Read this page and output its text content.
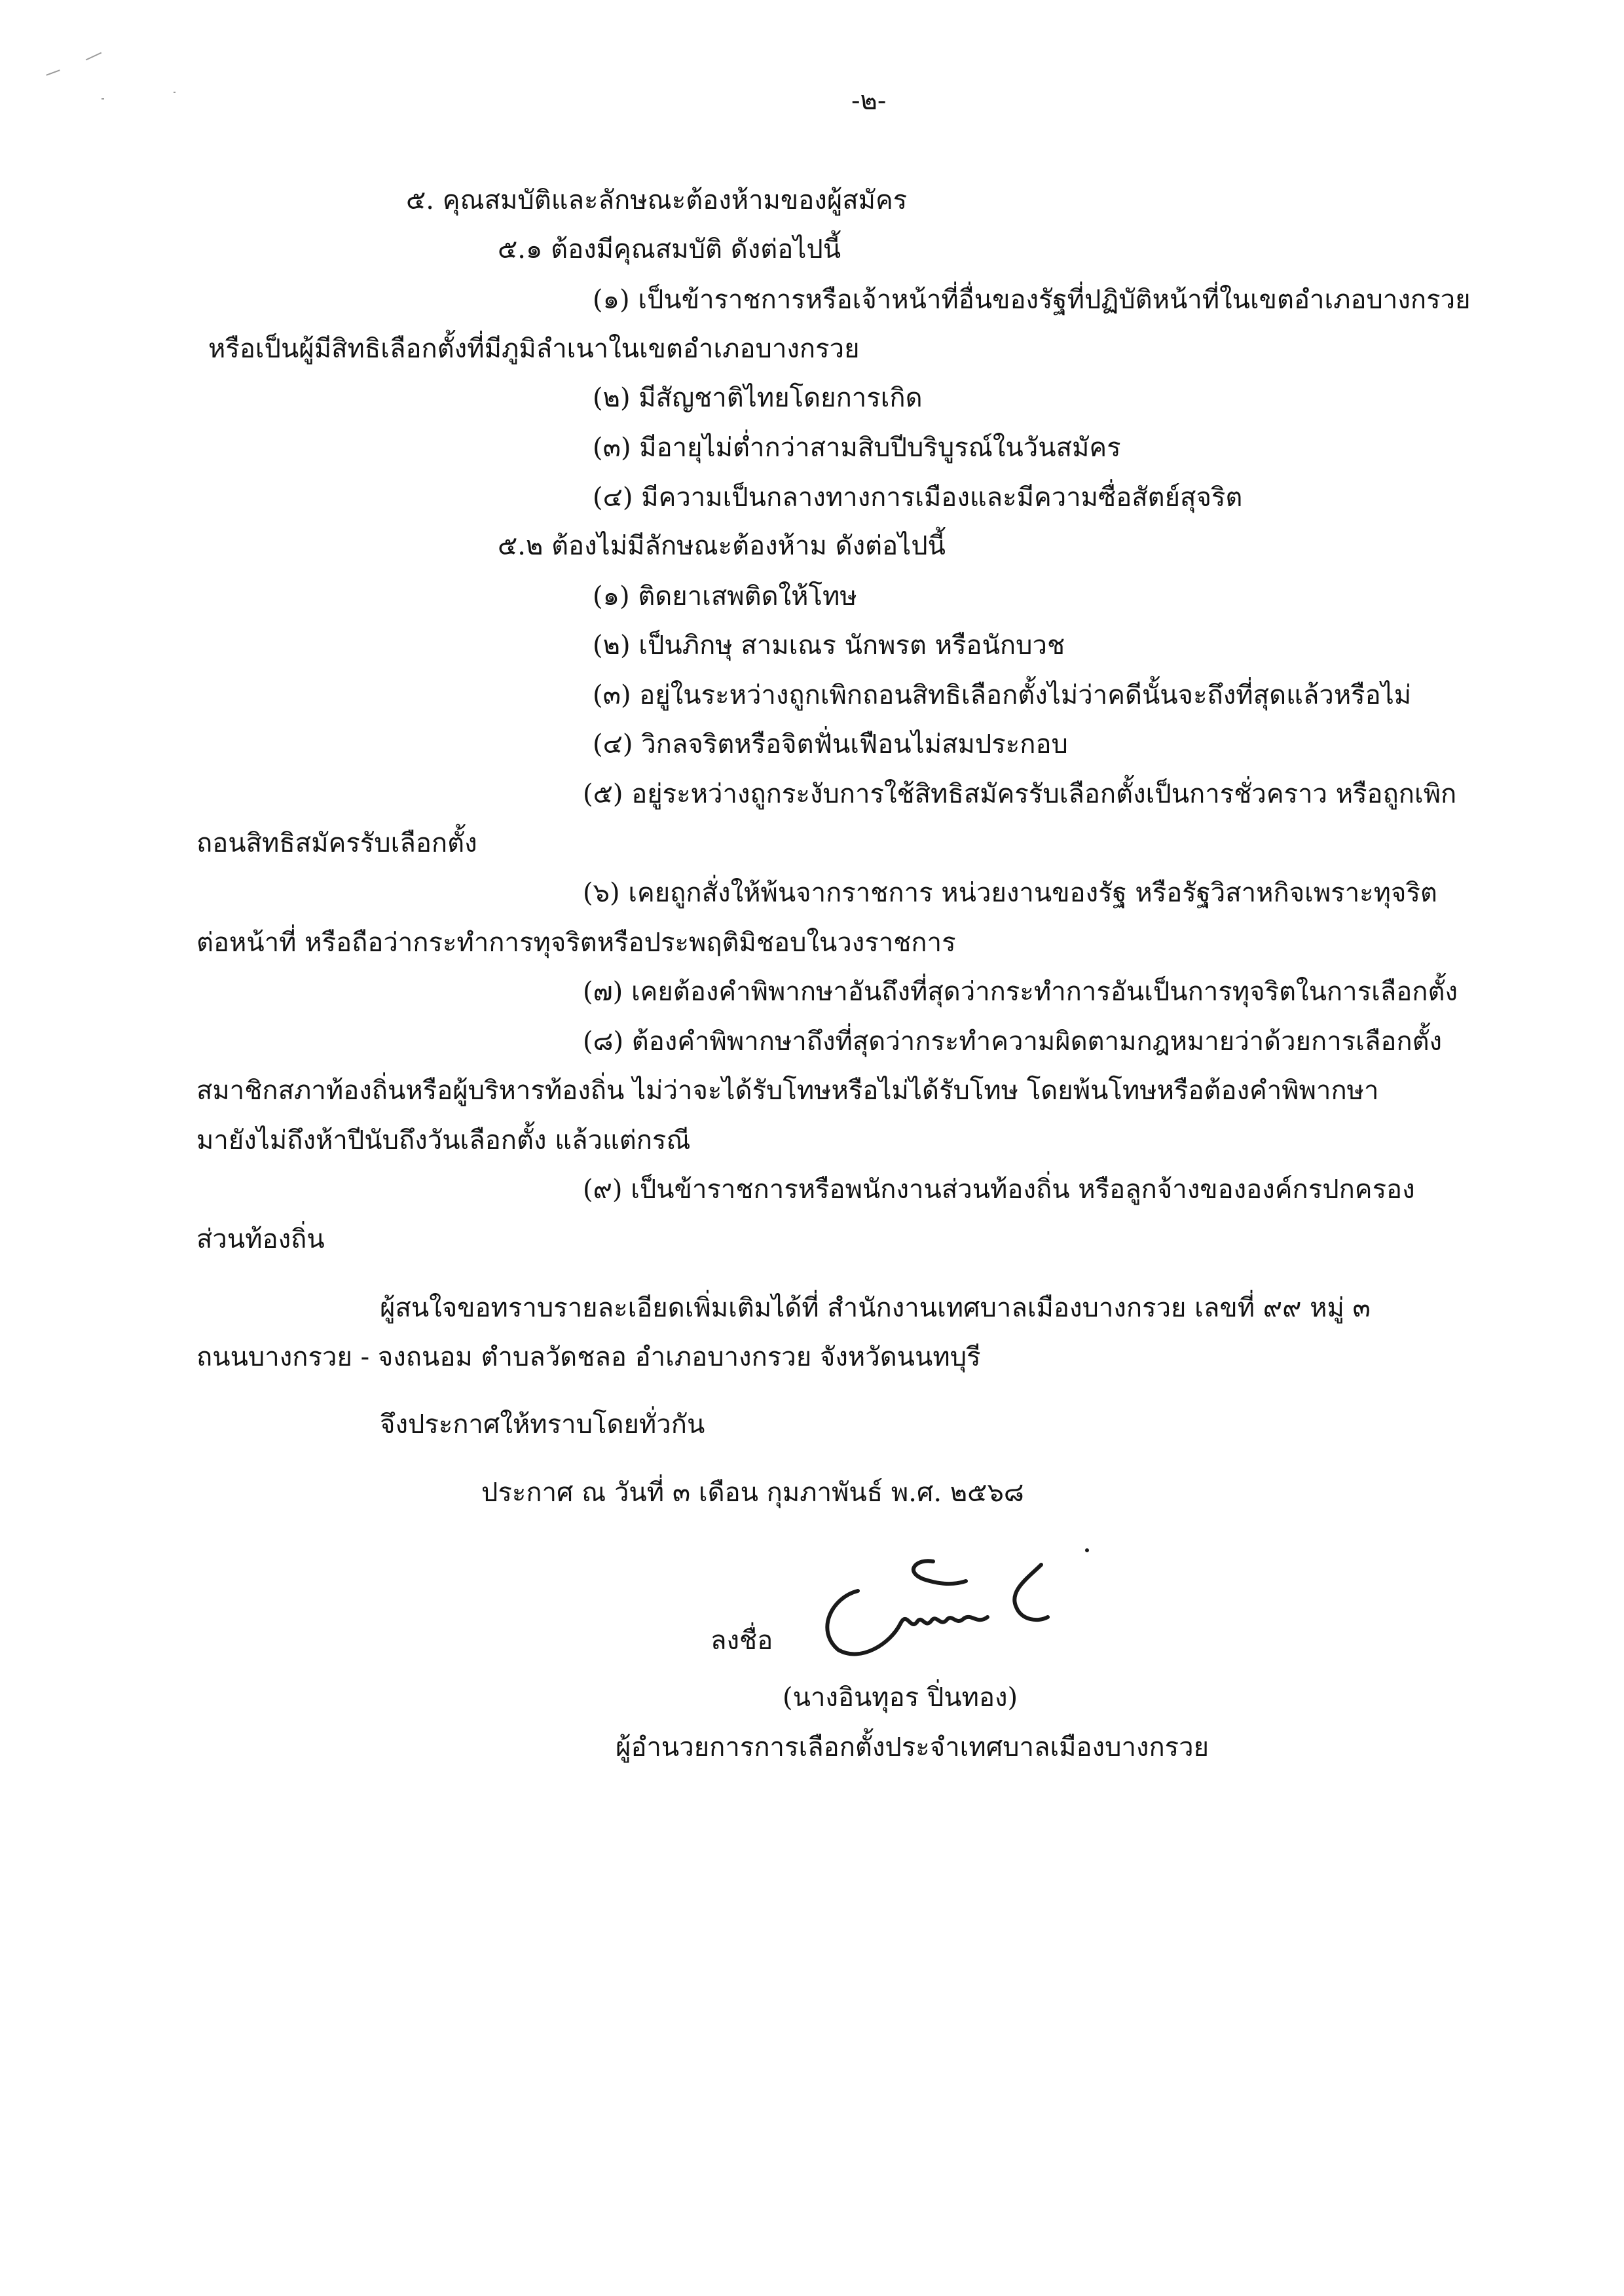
-๒-
๕. คุณสมบัติและลักษณะต้องห้ามของผู้สมัคร
๕.๑ ต้องมีคุณสมบัติ ดังต่อไปนี้
(๑) เป็นข้าราชการหรือเจ้าหน้าที่อื่นของรัฐที่ปฏิบัติหน้าที่ในเขตอำเภอบางกรวย
หรือเป็นผู้มีสิทธิเลือกตั้งที่มีภูมิลำเนาในเขตอำเภอบางกรวย
(๒) มีสัญชาติไทยโดยการเกิด
(๓) มีอายุไม่ต่ำกว่าสามสิบปีบริบูรณ์ในวันสมัคร
(๔) มีความเป็นกลางทางการเมืองและมีความซื่อสัตย์สุจริต
๕.๒ ต้องไม่มีลักษณะต้องห้าม ดังต่อไปนี้
(๑) ติดยาเสพติดให้โทษ
(๒) เป็นภิกษุ สามเณร นักพรต หรือนักบวช
(๓) อยู่ในระหว่างถูกเพิกถอนสิทธิเลือกตั้งไม่ว่าคดีนั้นจะถึงที่สุดแล้วหรือไม่
(๔) วิกลจริตหรือจิตฟั่นเฟือนไม่สมประกอบ
(๕) อยู่ระหว่างถูกระงับการใช้สิทธิสมัครรับเลือกตั้งเป็นการชั่วคราว หรือถูกเพิก
ถอนสิทธิสมัครรับเลือกตั้ง
(๖) เคยถูกสั่งให้พ้นจากราชการ หน่วยงานของรัฐ หรือรัฐวิสาหกิจเพราะทุจริต
ต่อหน้าที่ หรือถือว่ากระทำการทุจริตหรือประพฤติมิชอบในวงราชการ
(๗) เคยต้องคำพิพากษาอันถึงที่สุดว่ากระทำการอันเป็นการทุจริตในการเลือกตั้ง
(๘) ต้องคำพิพากษาถึงที่สุดว่ากระทำความผิดตามกฎหมายว่าด้วยการเลือกตั้ง
สมาชิกสภาท้องถิ่นหรือผู้บริหารท้องถิ่น ไม่ว่าจะได้รับโทษหรือไม่ได้รับโทษ โดยพ้นโทษหรือต้องคำพิพากษา
มายังไม่ถึงห้าปีนับถึงวันเลือกตั้ง แล้วแต่กรณี
(๙) เป็นข้าราชการหรือพนักงานส่วนท้องถิ่น หรือลูกจ้างขององค์กรปกครอง
ส่วนท้องถิ่น
ผู้สนใจขอทราบรายละเอียดเพิ่มเติมได้ที่ สำนักงานเทศบาลเมืองบางกรวย เลขที่ ๙๙ หมู่ ๓
ถนนบางกรวย - จงถนอม ตำบลวัดชลอ อำเภอบางกรวย จังหวัดนนทบุรี
จึงประกาศให้ทราบโดยทั่วกัน
ประกาศ ณ วันที่ ๓ เดือน กุมภาพันธ์ พ.ศ. ๒๕๖๘
ลงชื่อ
(นางอินทุอร ปิ่นทอง)
ผู้อำนวยการการเลือกตั้งประจำเทศบาลเมืองบางกรวย
